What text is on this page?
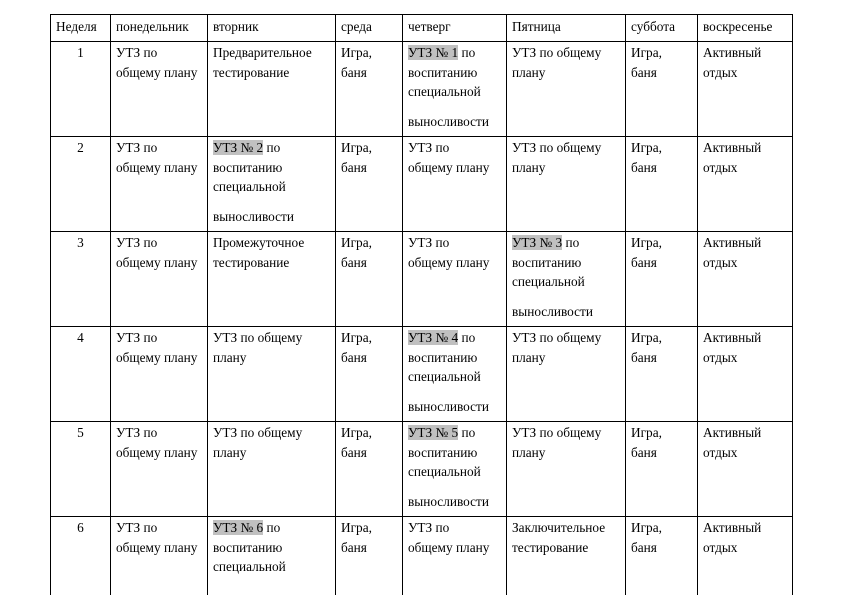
Неделя	понедельник	вторник	среда	четверг	Пятница	суббота	воскресенье
1	УТЗ по
общему плану	Предварительное
тестирование	Игра,
баня	УТЗ № 1 по
воспитанию
специальной
выносливости	УТЗ по общему
плану	Игра,
баня	Активный
отдых

2	УТЗ по
общему плану	УТЗ № 2 по
воспитанию
специальной
выносливости	Игра,
баня	УТЗ по
общему плану	УТЗ по общему
плану	Игра,
баня	Активный
отдых

3	УТЗ по
общему плану	Промежуточное
тестирование	Игра,
баня	УТЗ по
общему плану	УТЗ № 3 по
воспитанию
специальной
выносливости	Игра,
баня	Активный
отдых

4	УТЗ по
общему плану	УТЗ по общему
плану	Игра,
баня	УТЗ № 4 по
воспитанию
специальной
выносливости	УТЗ по общему
плану	Игра,
баня	Активный
отдых

5	УТЗ по
общему плану	УТЗ по общему
плану	Игра,
баня	УТЗ № 5 по
воспитанию
специальной
выносливости	УТЗ по общему
плану	Игра,
баня	Активный
отдых

6	УТЗ по
общему плану	УТЗ № 6 по
воспитанию
специальной	Игра,
баня	УТЗ по
общему плану	Заключительное
тестирование	Игра,
баня	Активный
отдых
